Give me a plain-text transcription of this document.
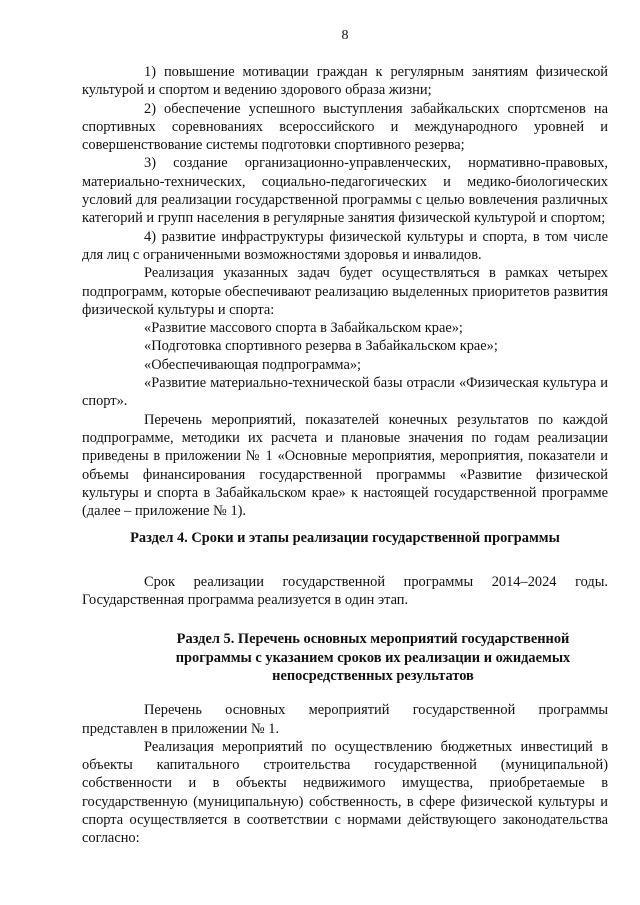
8

1) повышение мотивации граждан к регулярным занятиям физической культурой и спортом и ведению здорового образа жизни;

2) обеспечение успешного выступления забайкальских спортсменов на спортивных соревнованиях всероссийского и международного уровней и совершенствование системы подготовки спортивного резерва;

3) создание организационно-управленческих, нормативно-правовых, материально-технических, социально-педагогических и медико-биологических условий для реализации государственной программы с целью вовлечения различных категорий и групп населения в регулярные занятия физической культурой и спортом;

4) развитие инфраструктуры физической культуры и спорта, в том числе для лиц с ограниченными возможностями здоровья и инвалидов.

Реализация указанных задач будет осуществляться в рамках четырех подпрограмм, которые обеспечивают реализацию выделенных приоритетов развития физической культуры и спорта:

«Развитие массового спорта в Забайкальском крае»;

«Подготовка спортивного резерва в Забайкальском крае»;

«Обеспечивающая подпрограмма»;

«Развитие материально-технической базы отрасли «Физическая культура и спорт».

Перечень мероприятий, показателей конечных результатов по каждой подпрограмме, методики их расчета и плановые значения по годам реализации приведены в приложении № 1 «Основные мероприятия, мероприятия, показатели и объемы финансирования государственной программы «Развитие физической культуры и спорта в Забайкальском крае» к настоящей государственной программе (далее – приложение № 1).

Раздел 4. Сроки и этапы реализации государственной программы

Срок реализации государственной программы 2014–2024 годы. Государственная программа реализуется в один этап.

Раздел 5. Перечень основных мероприятий государственной
программы с указанием сроков их реализации и ожидаемых
непосредственных результатов

Перечень основных мероприятий государственной программы представлен в приложении № 1.

Реализация мероприятий по осуществлению бюджетных инвестиций в объекты капитального строительства государственной (муниципальной) собственности и в объекты недвижимого имущества, приобретаемые в государственную (муниципальную) собственность, в сфере физической культуры и спорта осуществляется в соответствии с нормами действующего законодательства согласно:
